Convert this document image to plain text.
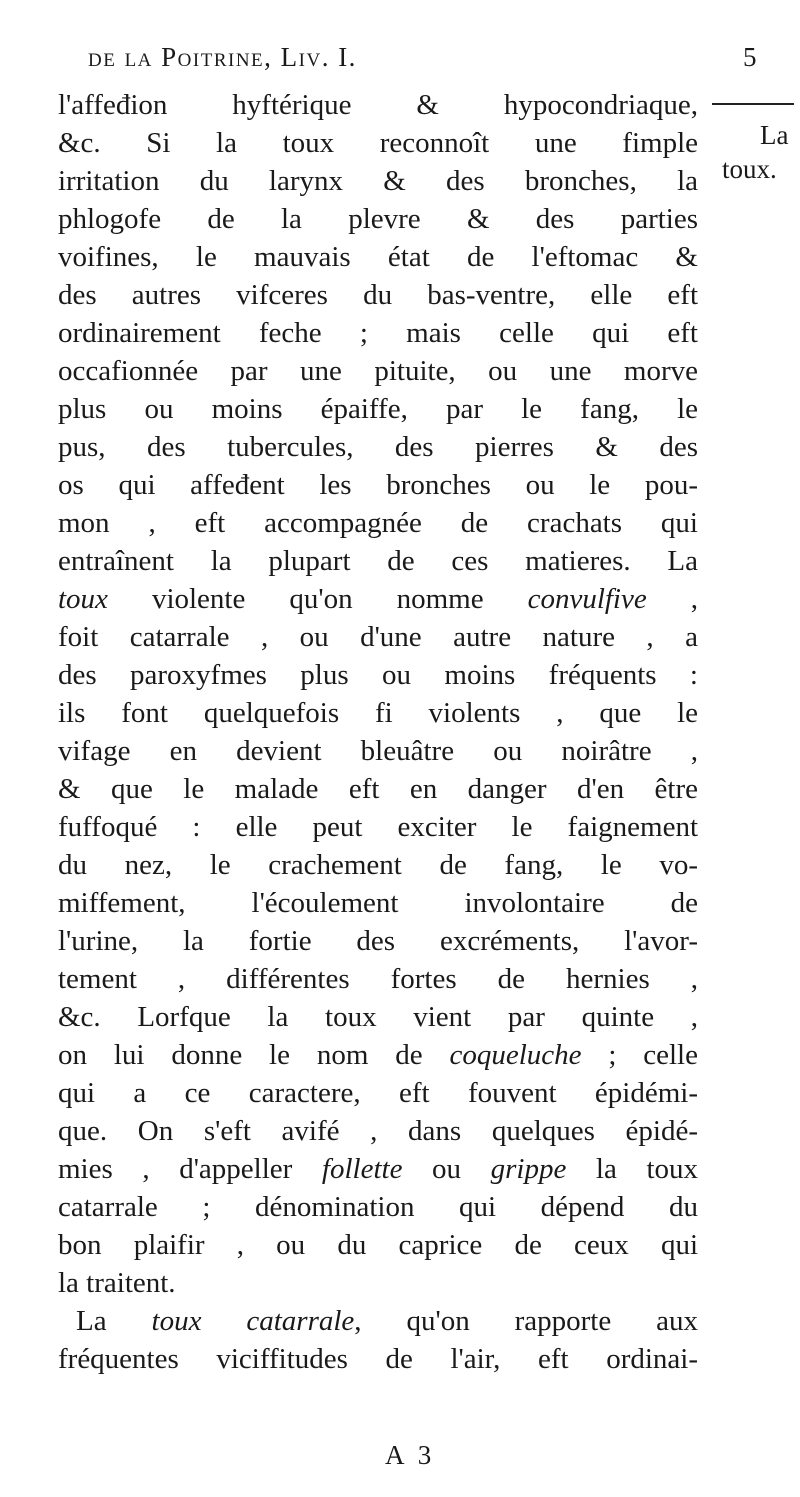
de la Poitrine, Liv. I.	5
La
toux.
l'affeđion hyftérique & hypocondriaque,
&c. Si la toux reconnoît une fimple
irritation du larynx & des bronches, la
phlogofe de la plevre & des parties
voifines, le mauvais état de l'eftomac &
des autres vifceres du bas-ventre, elle eft
ordinairement feche ; mais celle qui eft
occafionnée par une pituite, ou une morve
plus ou moins épaiffe, par le fang, le
pus, des tubercules, des pierres & des
os qui affeđent les bronches ou le pou-
mon , eft accompagnée de crachats qui
entraînent la plupart de ces matieres. La
toux violente qu'on nomme convulfive ,
foit catarrale , ou d'une autre nature , a
des paroxyfmes plus ou moins fréquents :
ils font quelquefois fi violents , que le
vifage en devient bleuâtre ou noirâtre ,
& que le malade eft en danger d'en être
fuffoqué : elle peut exciter le faignement
du nez, le crachement de fang, le vo-
miffement, l'écoulement involontaire de
l'urine, la fortie des excréments, l'avor-
tement , différentes fortes de hernies ,
&c. Lorfque la toux vient par quinte ,
on lui donne le nom de coqueluche ; celle
qui a ce caractere, eft fouvent épidémi-
que. On s'eft avifé , dans quelques épidé-
mies , d'appeller follette ou grippe la toux
catarrale ; dénomination qui dépend du
bon plaifir , ou du caprice de ceux qui
la traitent.
La toux catarrale, qu'on rapporte aux
fréquentes viciffitudes de l'air, eft ordinai-
A 3
